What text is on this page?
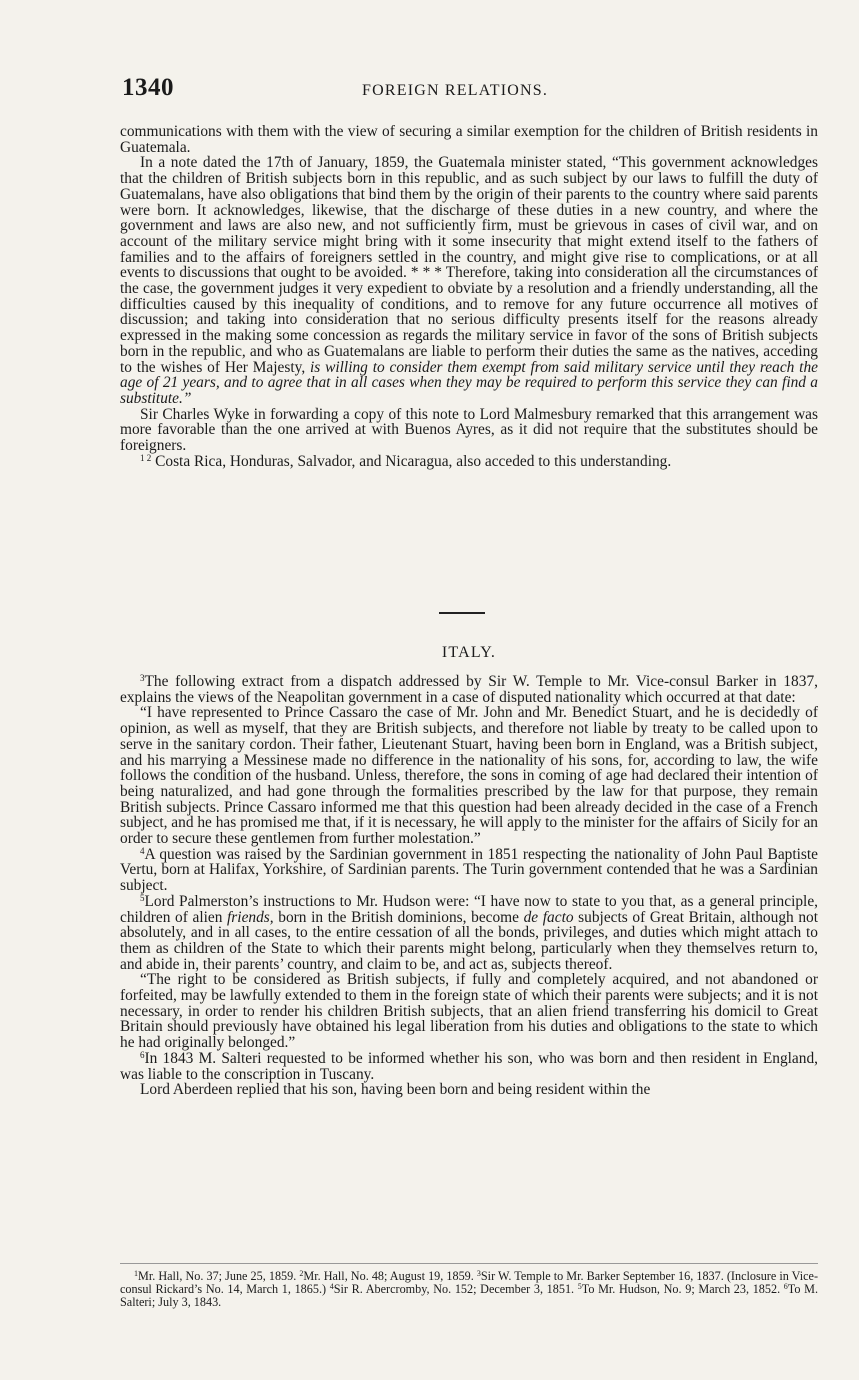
1340	FOREIGN RELATIONS.

communications with them with the view of securing a similar exemption for the children of British residents in Guatemala.

In a note dated the 17th of January, 1859, the Guatemala minister stated, “This government acknowledges that the children of British subjects born in this republic, and as such subject by our laws to fulfill the duty of Guatemalans, have also obligations that bind them by the origin of their parents to the country where said parents were born. It acknowledges, likewise, that the discharge of these duties in a new country, and where the government and laws are also new, and not sufficiently firm, must be grievous in cases of civil war, and on account of the military service might bring with it some insecurity that might extend itself to the fathers of families and to the affairs of foreigners settled in the country, and might give rise to complications, or at all events to discussions that ought to be avoided. * * * Therefore, taking into consideration all the circumstances of the case, the government judges it very expedient to obviate by a resolution and a friendly understanding, all the difficulties caused by this inequality of conditions, and to remove for any future occurrence all motives of discussion; and taking into consideration that no serious difficulty presents itself for the reasons already expressed in the making some concession as regards the military service in favor of the sons of British subjects born in the republic, and who as Guatemalans are liable to perform their duties the same as the natives, acceding to the wishes of Her Majesty, is willing to consider them exempt from said military service until they reach the age of 21 years, and to agree that in all cases when they may be required to perform this service they can find a substitute.”

Sir Charles Wyke in forwarding a copy of this note to Lord Malmesbury remarked that this arrangement was more favorable than the one arrived at with Buenos Ayres, as it did not require that the substitutes should be foreigners.

$^{1 2}$ Costa Rica, Honduras, Salvador, and Nicaragua, also acceded to this understanding.

ITALY.

$^3$The following extract from a dispatch addressed by Sir W. Temple to Mr. Vice-consul Barker in 1837, explains the views of the Neapolitan government in a case of disputed nationality which occurred at that date:

“I have represented to Prince Cassaro the case of Mr. John and Mr. Benedict Stuart, and he is decidedly of opinion, as well as myself, that they are British subjects, and therefore not liable by treaty to be called upon to serve in the sanitary cordon. Their father, Lieutenant Stuart, having been born in England, was a British subject, and his marrying a Messinese made no difference in the nationality of his sons, for, according to law, the wife follows the condition of the husband. Unless, therefore, the sons in coming of age had declared their intention of being naturalized, and had gone through the formalities prescribed by the law for that purpose, they remain British subjects. Prince Cassaro informed me that this question had been already decided in the case of a French subject, and he has promised me that, if it is necessary, he will apply to the minister for the affairs of Sicily for an order to secure these gentlemen from further molestation.”

$^4$A question was raised by the Sardinian government in 1851 respecting the nationality of John Paul Baptiste Vertu, born at Halifax, Yorkshire, of Sardinian parents. The Turin government contended that he was a Sardinian subject.

$^5$Lord Palmerston’s instructions to Mr. Hudson were: “I have now to state to you that, as a general principle, children of alien friends, born in the British dominions, become de facto subjects of Great Britain, although not absolutely, and in all cases, to the entire cessation of all the bonds, privileges, and duties which might attach to them as children of the State to which their parents might belong, particularly when they themselves return to, and abide in, their parents’ country, and claim to be, and act as, subjects thereof.

“The right to be considered as British subjects, if fully and completely acquired, and not abandoned or forfeited, may be lawfully extended to them in the foreign state of which their parents were subjects; and it is not necessary, in order to render his children British subjects, that an alien friend transferring his domicil to Great Britain should previously have obtained his legal liberation from his duties and obligations to the state to which he had originally belonged.”

$^6$In 1843 M. Salteri requested to be informed whether his son, who was born and then resident in England, was liable to the conscription in Tuscany.

Lord Aberdeen replied that his son, having been born and being resident within the

$^1$Mr. Hall, No. 37; June 25, 1859. $^2$Mr. Hall, No. 48; August 19, 1859. $^3$Sir W. Temple to Mr. Barker September 16, 1837. (Inclosure in Vice-consul Rickard’s No. 14, March 1, 1865.) $^4$Sir R. Abercromby, No. 152; December 3, 1851. $^5$To Mr. Hudson, No. 9; March 23, 1852. $^6$To M. Salteri; July 3, 1843.
